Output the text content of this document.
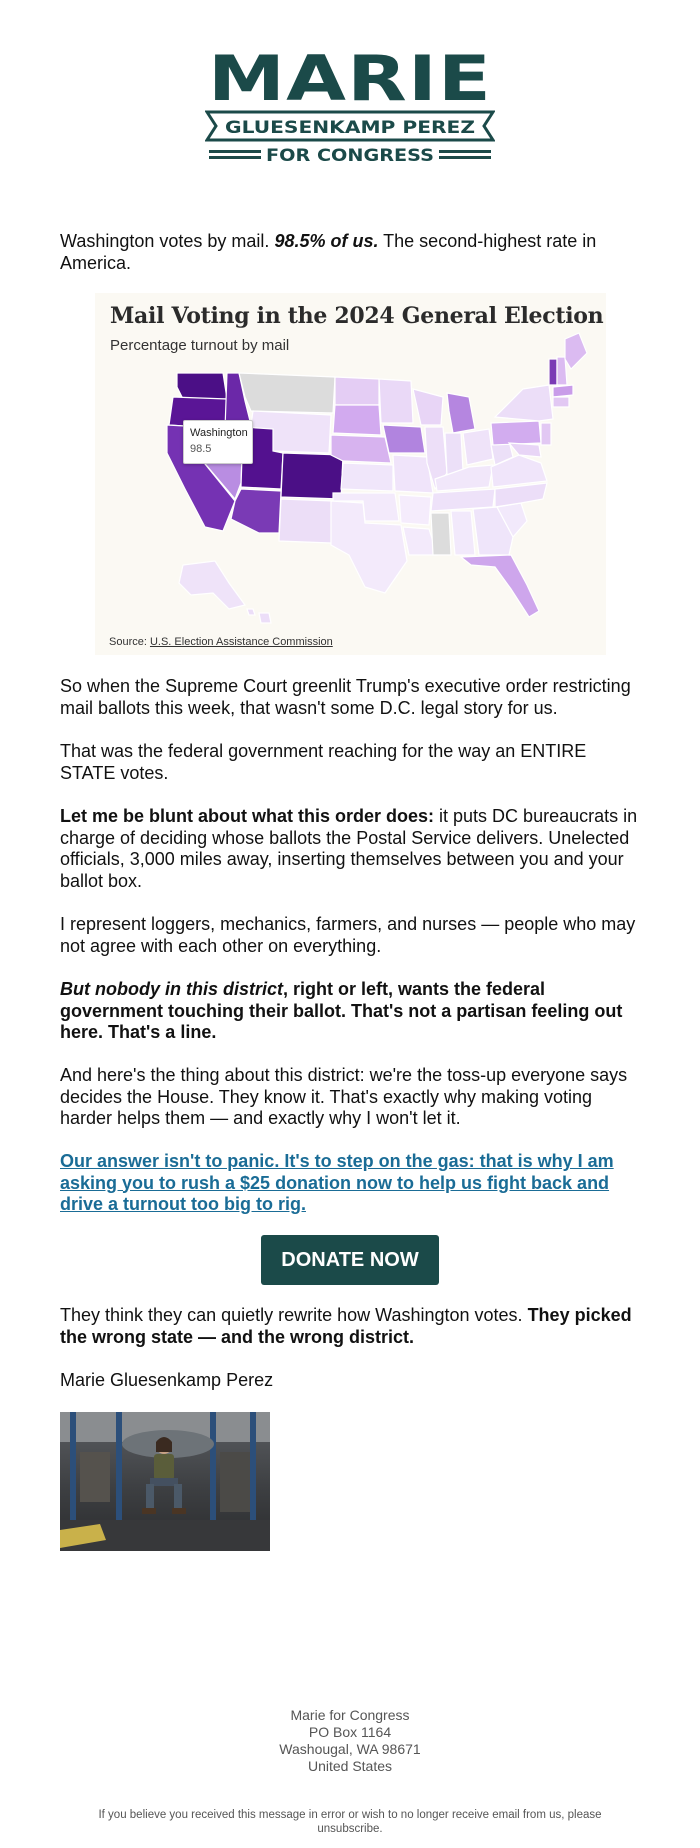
MARIE
GLUESENKAMP PEREZ
FOR CONGRESS

Washington votes by mail. 98.5% of us. The second-highest rate in America.

Mail Voting in the 2024 General Election
Percentage turnout by mail
Washington
98.5
Source: U.S. Election Assistance Commission

So when the Supreme Court greenlit Trump's executive order restricting mail ballots this week, that wasn't some D.C. legal story for us.

That was the federal government reaching for the way an ENTIRE STATE votes.

Let me be blunt about what this order does: it puts DC bureaucrats in charge of deciding whose ballots the Postal Service delivers. Unelected officials, 3,000 miles away, inserting themselves between you and your ballot box.

I represent loggers, mechanics, farmers, and nurses — people who may not agree with each other on everything.

But nobody in this district, right or left, wants the federal government touching their ballot. That's not a partisan feeling out here. That's a line.

And here's the thing about this district: we're the toss-up everyone says decides the House. They know it. That's exactly why making voting harder helps them — and exactly why I won't let it.

Our answer isn't to panic. It's to step on the gas: that is why I am asking you to rush a $25 donation now to help us fight back and drive a turnout too big to rig.
DONATE NOW

They think they can quietly rewrite how Washington votes. They picked the wrong state — and the wrong district.

Marie Gluesenkamp Perez

Marie for Congress
PO Box 1164
Washougal, WA 98671
United States
If you believe you received this message in error or wish to no longer receive email from us, please unsubscribe.
